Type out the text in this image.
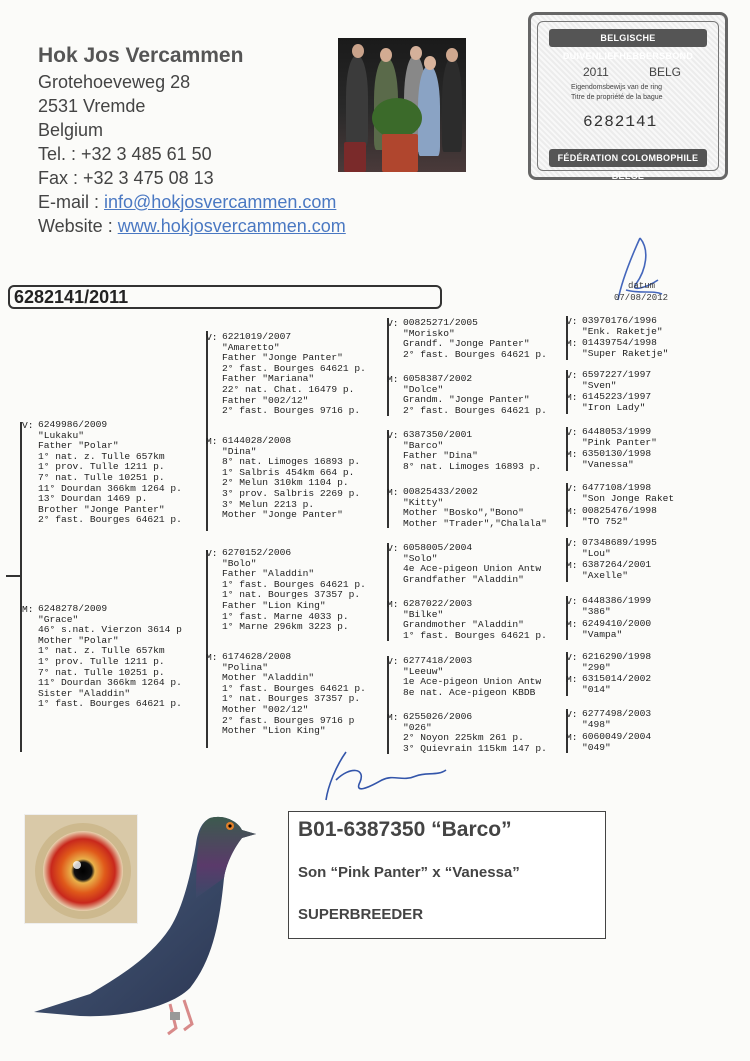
Hok Jos Vercammen
Grotehoeveweg 28
2531 Vremde
Belgium
Tel. : +32 3 485 61 50
Fax : +32 3 475 08 13
E-mail : info@hokjosvercammen.com
Website : www.hokjosvercammen.com
BELGISCHE DUIVENLIEFHEBBERSBOND
2011	BELG
Eigendomsbewijs van de ring
Titre de propriété de la bague
6282141
FÉDÉRATION COLOMBOPHILE BELGE
6282141/2011
datum
07/08/2012
V: 6249986/2009
"Lukaku"
Father "Polar"
1° nat. z. Tulle 657km
1° prov. Tulle 1211 p.
7° nat. Tulle 10251 p.
11° Dourdan 366km 1264 p.
13° Dourdan 1469 p.
Brother "Jonge Panter"
2° fast. Bourges 64621 p.
M: 6248278/2009
"Grace"
46° s.nat. Vierzon 3614 p
Mother "Polar"
1° nat. z. Tulle 657km
1° prov. Tulle 1211 p.
7° nat. Tulle 10251 p.
11° Dourdan 366km 1264 p.
Sister "Aladdin"
1° fast. Bourges 64621 p.
V: 6221019/2007
"Amaretto"
Father "Jonge Panter"
2° fast. Bourges 64621 p.
Father "Mariana"
22° nat. Chat. 16479 p.
Father "002/12"
2° fast. Bourges 9716 p.
M: 6144028/2008
"Dina"
8° nat. Limoges 16893 p.
1° Salbris 454km 664 p.
2° Melun 310km 1104 p.
3° prov. Salbris 2269 p.
3° Melun 2213 p.
Mother "Jonge Panter"
V: 6270152/2006
"Bolo"
Father "Aladdin"
1° fast. Bourges 64621 p.
1° nat. Bourges 37357 p.
Father "Lion King"
1° fast. Marne 4033 p.
1° Marne 296km 3223 p.
M: 6174628/2008
"Polina"
Mother "Aladdin"
1° fast. Bourges 64621 p.
1° nat. Bourges 37357 p.
Mother "002/12"
2° fast. Bourges 9716 p
Mother "Lion King"
V: 00825271/2005
"Morisko"
Grandf. "Jonge Panter"
2° fast. Bourges 64621 p.
M: 6058387/2002
"Dolce"
Grandm. "Jonge Panter"
2° fast. Bourges 64621 p.
V: 6387350/2001
"Barco"
Father "Dina"
8° nat. Limoges 16893 p.
M: 00825433/2002
"Kitty"
Mother "Bosko","Bono"
Mother "Trader","Chalala"
V: 6058005/2004
"Solo"
4e Ace-pigeon Union Antw
Grandfather "Aladdin"
M: 6287022/2003
"Bilke"
Grandmother "Aladdin"
1° fast. Bourges 64621 p.
V: 6277418/2003
"Leeuw"
1e Ace-pigeon Union Antw
8e nat. Ace-pigeon KBDB
M: 6255026/2006
"026"
2° Noyon 225km 261 p.
3° Quievrain 115km 147 p.
V: 03970176/1996
"Enk. Raketje"
M: 01439754/1998
"Super Raketje"
V: 6597227/1997
"Sven"
M: 6145223/1997
"Iron Lady"
V: 6448053/1999
"Pink Panter"
M: 6350130/1998
"Vanessa"
V: 6477108/1998
"Son Jonge Raket
M: 00825476/1998
"TO 752"
V: 07348689/1995
"Lou"
M: 6387264/2001
"Axelle"
V: 6448386/1999
"386"
M: 6249410/2000
"Vampa"
V: 6216290/1998
"290"
M: 6315014/2002
"014"
V: 6277498/2003
"498"
M: 6060049/2004
"049"
B01-6387350 “Barco”
Son “Pink Panter” x “Vanessa”
SUPERBREEDER
